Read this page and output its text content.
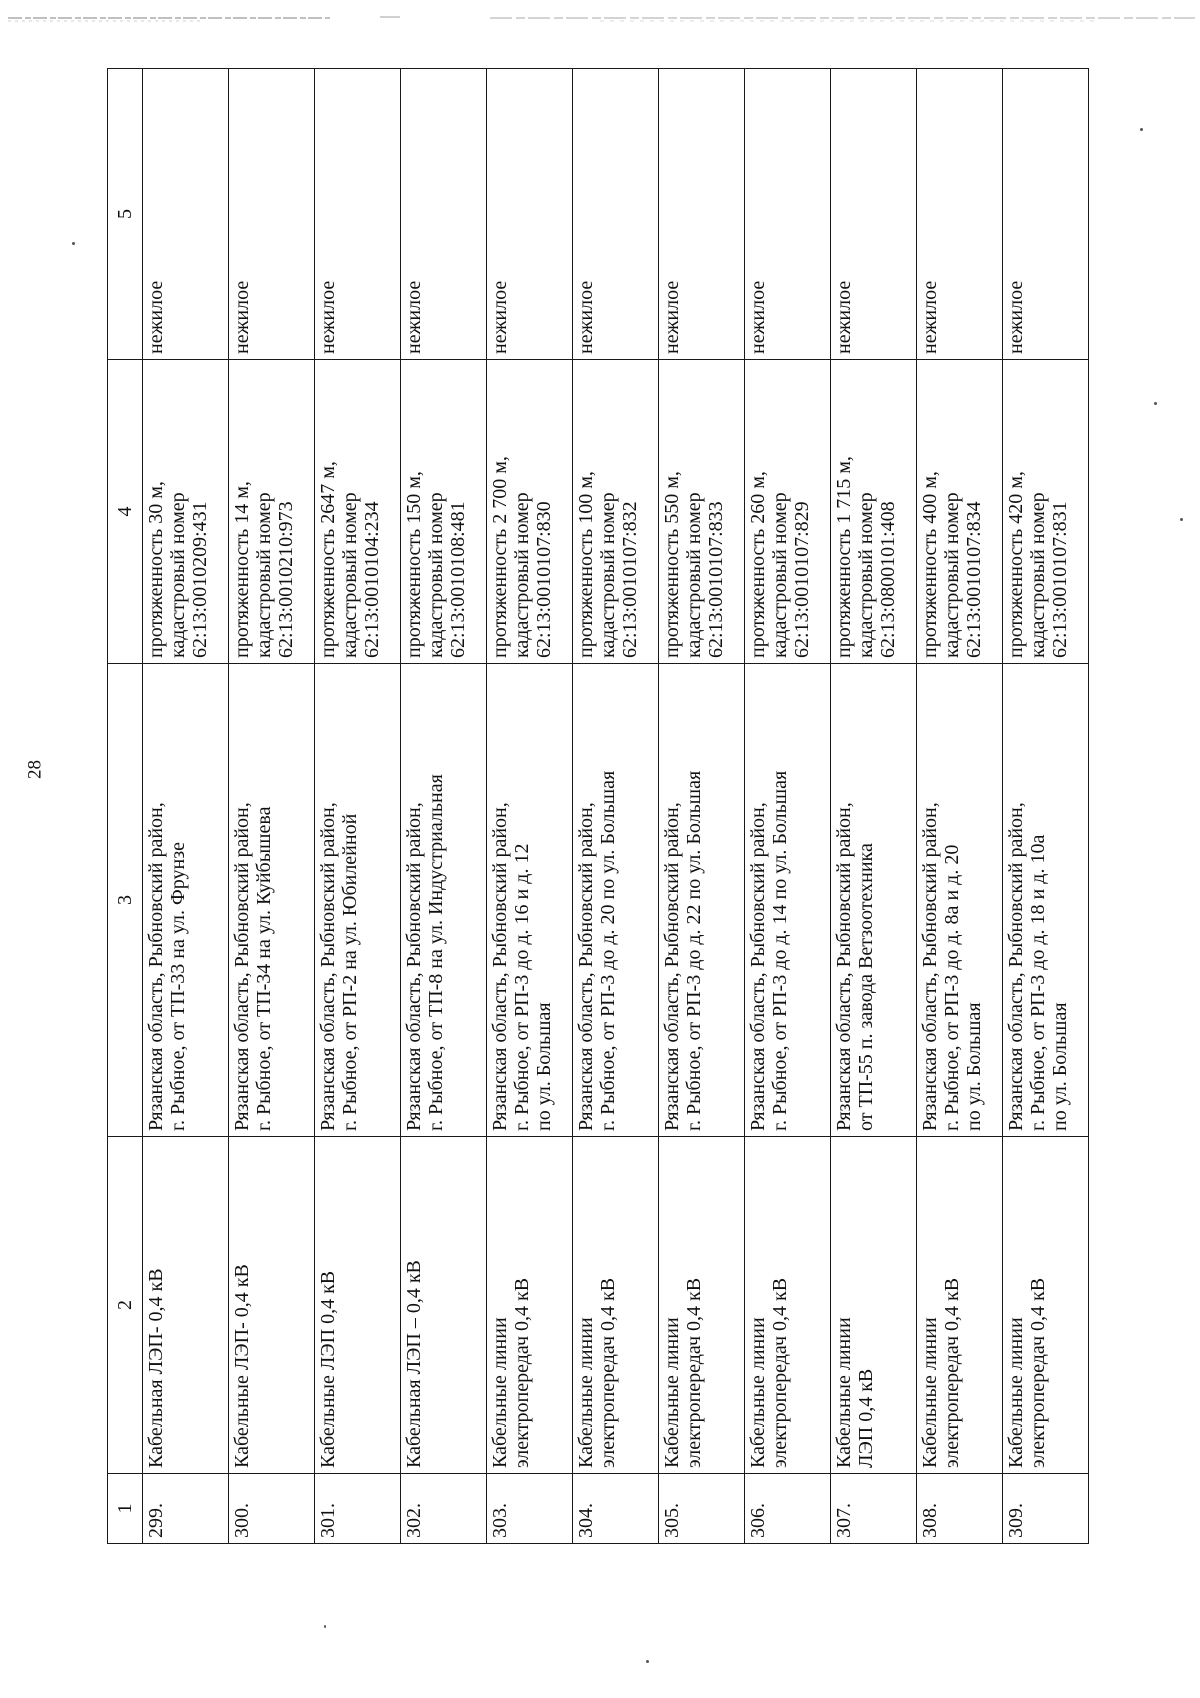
28
1	2	3	4	5
299.	Кабельная ЛЭП- 0,4 кВ	Рязанская область, Рыбновский район, г. Рыбное, от ТП-33 на ул. Фрунзе	протяженность 30 м, кадастровый номер 62:13:0010209:431	нежилое
300.	Кабельные ЛЭП- 0,4 кВ	Рязанская область, Рыбновский район, г. Рыбное, от ТП-34 на ул. Куйбышева	протяженность 14 м, кадастровый номер 62:13:0010210:973	нежилое
301.	Кабельные ЛЭП 0,4 кВ	Рязанская область, Рыбновский район, г. Рыбное, от РП-2 на ул. Юбилейной	протяженность 2647 м, кадастровый номер 62:13:0010104:234	нежилое
302.	Кабельная ЛЭП – 0,4 кВ	Рязанская область, Рыбновский район, г. Рыбное, от ТП-8 на ул. Индустриальная	протяженность 150 м, кадастровый номер 62:13:0010108:481	нежилое
303.	Кабельные линии электропередач 0,4 кВ	Рязанская область, Рыбновский район, г. Рыбное, от РП-3 до д. 16 и д. 12 по ул. Большая	протяженность 2 700 м, кадастровый номер 62:13:0010107:830	нежилое
304.	Кабельные линии электропередач 0,4 кВ	Рязанская область, Рыбновский район, г. Рыбное, от РП-3 до д. 20 по ул. Большая	протяженность 100 м, кадастровый номер 62:13:0010107:832	нежилое
305.	Кабельные линии электропередач 0,4 кВ	Рязанская область, Рыбновский район, г. Рыбное, от РП-3 до д. 22 по ул. Большая	протяженность 550 м, кадастровый номер 62:13:0010107:833	нежилое
306.	Кабельные линии электропередач 0,4 кВ	Рязанская область, Рыбновский район, г. Рыбное, от РП-3 до д. 14 по ул. Большая	протяженность 260 м, кадастровый номер 62:13:0010107:829	нежилое
307.	Кабельные линии ЛЭП 0,4 кВ	Рязанская область, Рыбновский район, от ТП-55 п. завода Ветзоотехника	протяженность 1 715 м, кадастровый номер 62:13:0800101:408	нежилое
308.	Кабельные линии электропередач 0,4 кВ	Рязанская область, Рыбновский район, г. Рыбное, от РП-3 до д. 8а и д. 20 по ул. Большая	протяженность 400 м, кадастровый номер 62:13:0010107:834	нежилое
309.	Кабельные линии электропередач 0,4 кВ	Рязанская область, Рыбновский район, г. Рыбное, от РП-3 до д. 18 и д. 10а по ул. Большая	протяженность 420 м, кадастровый номер 62:13:0010107:831	нежилое
